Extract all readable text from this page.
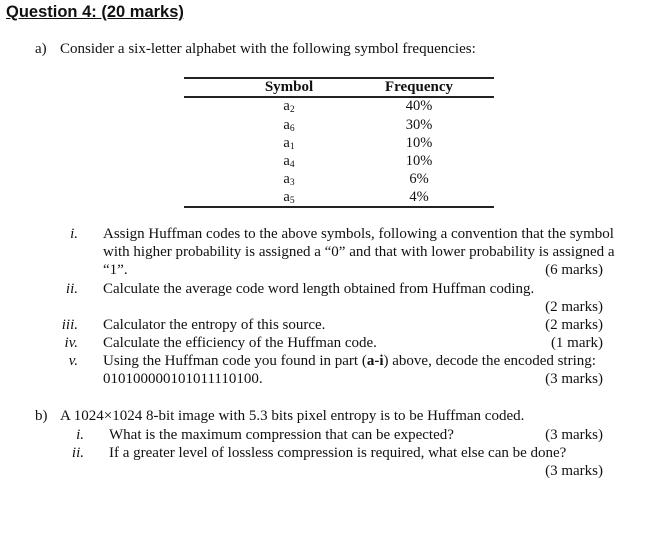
Question 4: (20 marks)
a) Consider a six-letter alphabet with the following symbol frequencies:
Symbol	Frequency
$a_2$	40%
$a_6$	30%
$a_1$	10%
$a_4$	10%
$a_3$	6%
$a_5$	4%
i. Assign Huffman codes to the above symbols, following a convention that the symbol
with higher probability is assigned a “0” and that with lower probability is assigned a
“1”.	(6 marks)
ii. Calculate the average code word length obtained from Huffman coding.
(2 marks)
iii. Calculator the entropy of this source.	(2 marks)
iv. Calculate the efficiency of the Huffman code.	(1 mark)
v. Using the Huffman code you found in part (a-i) above, decode the encoded string:
010100000101011110100.	(3 marks)
b) A 1024×1024 8-bit image with 5.3 bits pixel entropy is to be Huffman coded.
i. What is the maximum compression that can be expected?	(3 marks)
ii. If a greater level of lossless compression is required, what else can be done?
(3 marks)
